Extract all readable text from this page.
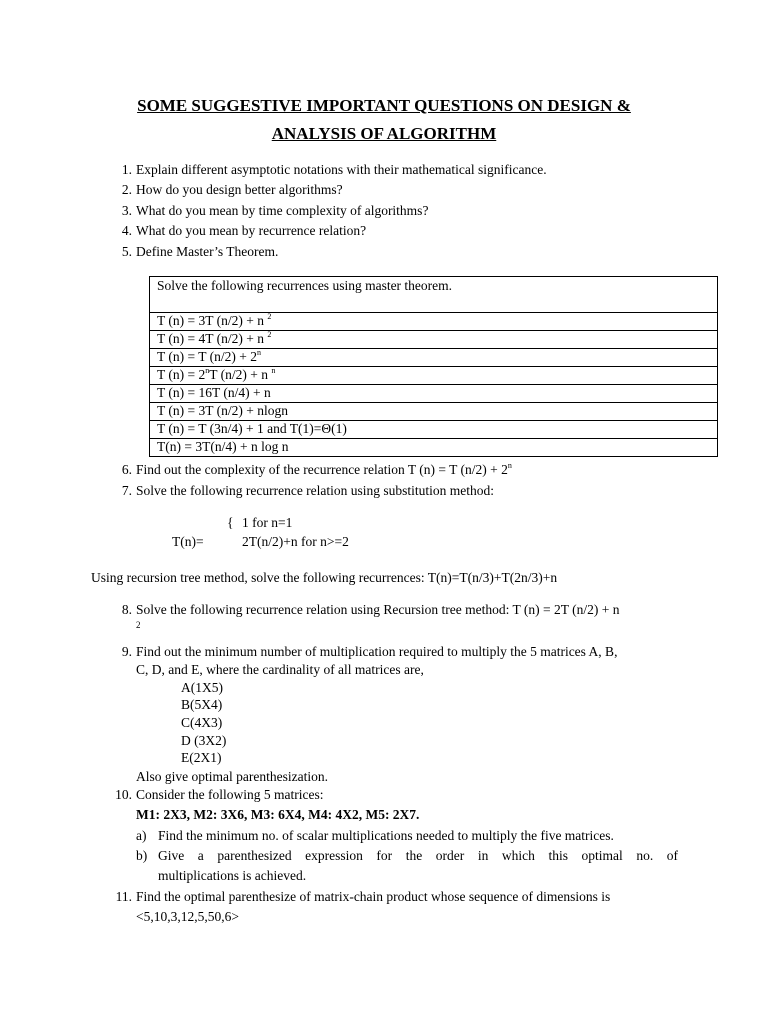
SOME SUGGESTIVE IMPORTANT QUESTIONS ON DESIGN &
ANALYSIS OF ALGORITHM
1. Explain different asymptotic notations with their mathematical significance.
2. How do you design better algorithms?
3. What do you mean by time complexity of algorithms?
4. What do you mean by recurrence relation?
5. Define Master’s Theorem.
Solve the following recurrences using master theorem.
T (n) = 3T (n/2) + n $^2$
T (n) = 4T (n/2) + n $^2$
T (n) = T $(n/2) + 2^n$
T $(n) = 2^nT$ (n/2) + n $^n$
T (n) = 16T (n/4) + n
T (n) = 3T (n/2) + nlogn
T (n) = T (3n/4) + 1 and T(1)=Θ(1)
T(n) = 3T(n/4) + n log n
6. Find out the complexity of the recurrence relation T (n) = T $(n/2) + 2^n$
7. Solve the following recurrence relation using substitution method:
{ 1 for n=1
T(n)=	2T(n/2)+n for n>=2
Using recursion tree method, solve the following recurrences: T(n)=T(n/3)+T(2n/3)+n
8. Solve the following recurrence relation using Recursion tree method: T (n) = 2T (n/2) + n
2
9. Find out the minimum number of multiplication required to multiply the 5 matrices A, B,
C, D, and E, where the cardinality of all matrices are,
A(1X5)
B(5X4)
C(4X3)
D (3X2)
E(2X1)
Also give optimal parenthesization.
10. Consider the following 5 matrices:
M1: 2X3, M2: 3X6, M3: 6X4, M4: 4X2, M5: 2X7.
a) Find the minimum no. of scalar multiplications needed to multiply the five matrices.
b) Give a parenthesized expression for the order in which this optimal no. of
multiplications is achieved.
11. Find the optimal parenthesize of matrix-chain product whose sequence of dimensions is
<5,10,3,12,5,50,6>
